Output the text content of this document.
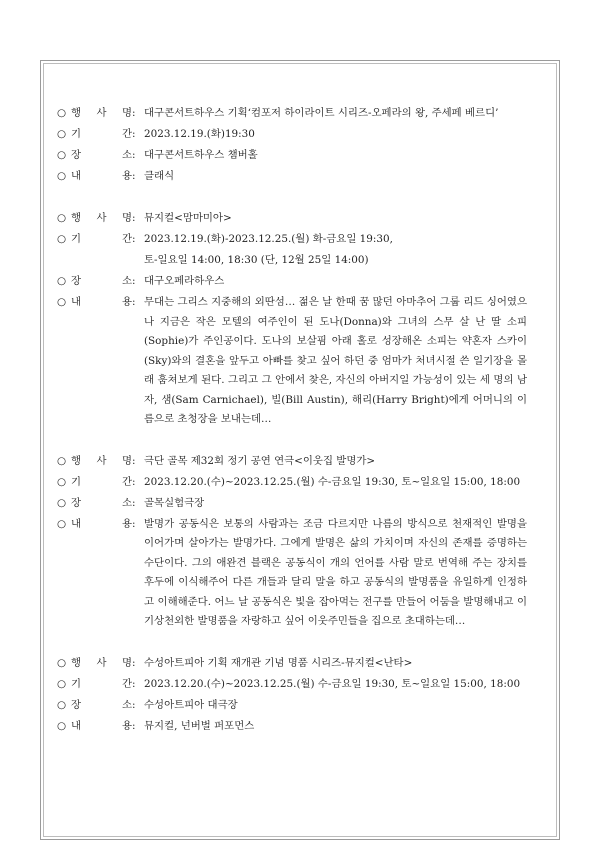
○ 행 사 명 : 대구콘서트하우스 기획‘컴포저 하이라이트 시리즈-오페라의 왕, 주세페 베르디’
○ 기	간 : 2023.12.19.(화)19:30
○ 장	소 : 대구콘서트하우스 챔버홀
○ 내	용 : 클래식
○ 행 사 명 : 뮤지컬<맘마미아>
○ 기	간 : 2023.12.19.(화)-2023.12.25.(월) 화-금요일 19:30,
토-일요일 14:00, 18:30 (단, 12월 25일 14:00)
○ 장	소 : 대구오페라하우스
○ 내	용 : 무대는 그리스 지중해의 외딴섬… 젊은 날 한때 꿈 많던 아마추어 그룹 리드 싱어였으나 지금은 작은 모텔의 여주인이 된 도나(Donna)와 그녀의 스무 살 난 딸 소피(Sophie)가 주인공이다. 도나의 보살핌 아래 홀로 성장해온 소피는 약혼자 스카이(Sky)와의 결혼을 앞두고 아빠를 찾고 싶어 하던 중 엄마가 처녀시절 쓴 일기장을 몰래 훔쳐보게 된다. 그리고 그 안에서 찾은, 자신의 아버지일 가능성이 있는 세 명의 남자, 샘(Sam Carnichael), 빌(Bill Austin), 해리(Harry Bright)에게 어머니의 이름으로 초청장을 보내는데…
○ 행 사 명 : 극단 골목 제32회 정기 공연 연극<이웃집 발명가>
○ 기	간 : 2023.12.20.(수)~2023.12.25.(월) 수-금요일 19:30, 토~일요일 15:00, 18:00
○ 장	소 : 골목실험극장
○ 내	용 : 발명가 공동식은 보통의 사람과는 조금 다르지만 나름의 방식으로 천재적인 발명을 이어가며 살아가는 발명가다. 그에게 발명은 삶의 가치이며 자신의 존재를 증명하는 수단이다. 그의 애완견 블랙은 공동식이 개의 언어를 사람 말로 번역해 주는 장치를 후두에 이식해주어 다른 개들과 달리 말을 하고 공동식의 발명품을 유일하게 인정하고 이해해준다. 어느 날 공동식은 빛을 잡아먹는 전구를 만들어 어둠을 발명해내고 이 기상천외한 발명품을 자랑하고 싶어 이웃주민들을 집으로 초대하는데…
○ 행 사 명 : 수성아트피아 기획 재개관 기념 명품 시리즈-뮤지컬<난타>
○ 기	간 : 2023.12.20.(수)~2023.12.25.(월) 수-금요일 19:30, 토~일요일 15:00, 18:00
○ 장	소 : 수성아트피아 대극장
○ 내	용 : 뮤지컬, 넌버벌 퍼포먼스
